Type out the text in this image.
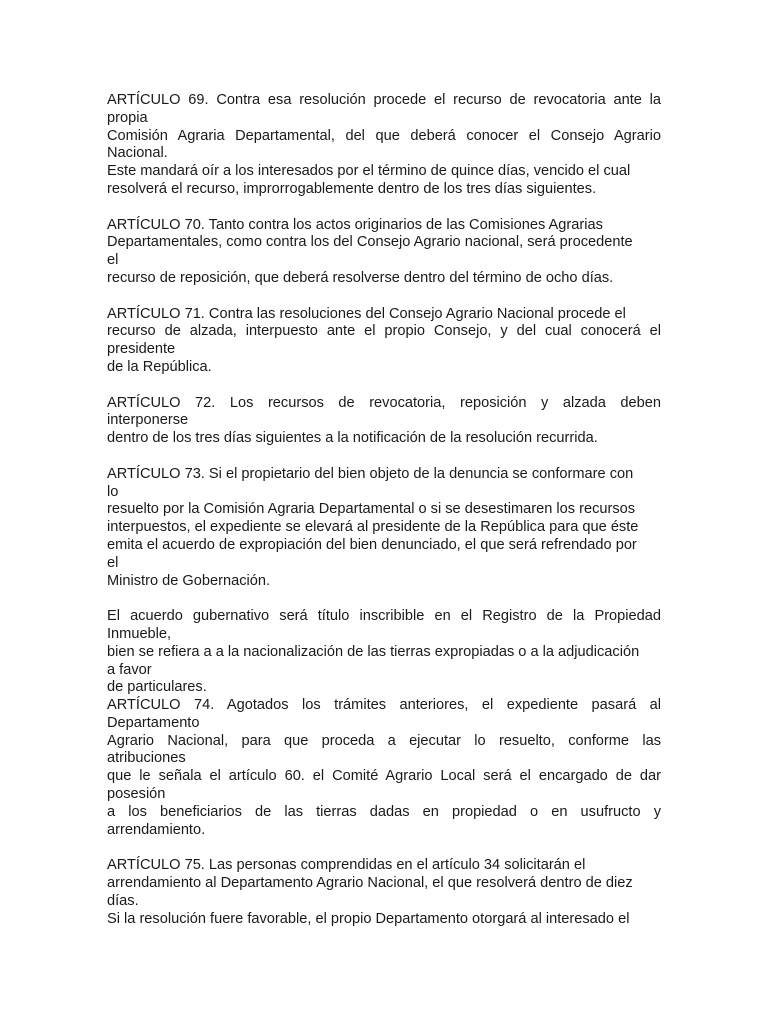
ARTÍCULO 69. Contra esa resolución procede el recurso de revocatoria ante la
propia
Comisión Agraria Departamental, del que deberá conocer el Consejo Agrario
Nacional.
Este mandará oír a los interesados por el término de quince días, vencido el cual
resolverá el recurso, improrrogablemente dentro de los tres días siguientes.

ARTÍCULO 70. Tanto contra los actos originarios de las Comisiones Agrarias
Departamentales, como contra los del Consejo Agrario nacional, será procedente
el
recurso de reposición, que deberá resolverse dentro del término de ocho días.

ARTÍCULO 71. Contra las resoluciones del Consejo Agrario Nacional procede el
recurso de alzada, interpuesto ante el propio Consejo, y del cual conocerá el
presidente
de la República.

ARTÍCULO 72. Los recursos de revocatoria, reposición y alzada deben
interponerse
dentro de los tres días siguientes a la notificación de la resolución recurrida.

ARTÍCULO 73. Si el propietario del bien objeto de la denuncia se conformare con
lo
resuelto por la Comisión Agraria Departamental o si se desestimaren los recursos
interpuestos, el expediente se elevará al presidente de la República para que éste
emita el acuerdo de expropiación del bien denunciado, el que será refrendado por
el
Ministro de Gobernación.

El acuerdo gubernativo será título inscribible en el Registro de la Propiedad
Inmueble,
bien se refiera a a la nacionalización de las tierras expropiadas o a la adjudicación
a favor
de particulares.

ARTÍCULO 74. Agotados los trámites anteriores, el expediente pasará al
Departamento
Agrario Nacional, para que proceda a ejecutar lo resuelto, conforme las
atribuciones
que le señala el artículo 60. el Comité Agrario Local será el encargado de dar
posesión
a los beneficiarios de las tierras dadas en propiedad o en usufructo y
arrendamiento.

ARTÍCULO 75. Las personas comprendidas en el artículo 34 solicitarán el
arrendamiento al Departamento Agrario Nacional, el que resolverá dentro de diez
días.
Si la resolución fuere favorable, el propio Departamento otorgará al interesado el
